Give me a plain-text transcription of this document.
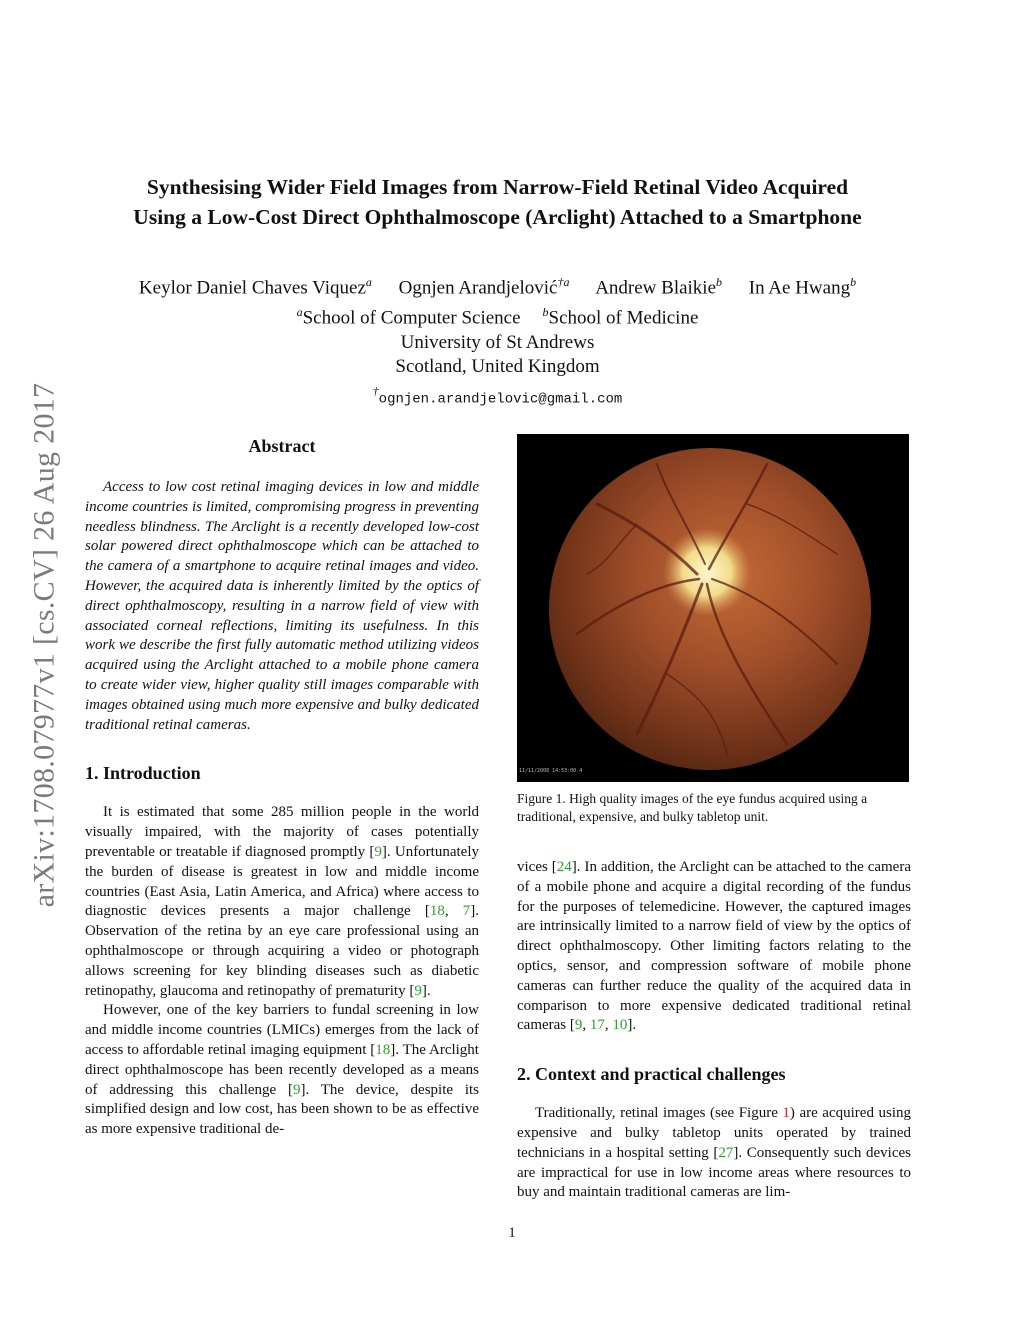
arXiv:1708.07977v1 [cs.CV] 26 Aug 2017
Synthesising Wider Field Images from Narrow-Field Retinal Video Acquired
Using a Low-Cost Direct Ophthalmoscope (Arclight) Attached to a Smartphone
Keylor Daniel Chaves Viquez$^a$ Ognjen Arandjelović$^{\dagger a}$ Andrew Blaikie$^b$ In Ae Hwang$^b$
$^a$School of Computer Science $^b$School of Medicine
University of St Andrews
Scotland, United Kingdom
†ognjen.arandjelovic@gmail.com
Abstract

Access to low cost retinal imaging devices in low and middle income countries is limited, compromising progress in preventing needless blindness. The Arclight is a recently developed low-cost solar powered direct ophthalmoscope which can be attached to the camera of a smartphone to acquire retinal images and video. However, the acquired data is inherently limited by the optics of direct ophthalmoscopy, resulting in a narrow field of view with associated corneal reflections, limiting its usefulness. In this work we describe the first fully automatic method utilizing videos acquired using the Arclight attached to a mobile phone camera to create wider view, higher quality still images comparable with images obtained using much more expensive and bulky dedicated traditional retinal cameras.

1. Introduction

It is estimated that some 285 million people in the world visually impaired, with the majority of cases potentially preventable or treatable if diagnosed promptly [9]. Unfortunately the burden of disease is greatest in low and middle income countries (East Asia, Latin America, and Africa) where access to diagnostic devices presents a major challenge [18, 7]. Observation of the retina by an eye care professional using an ophthalmoscope or through acquiring a video or photograph allows screening for key blinding diseases such as diabetic retinopathy, glaucoma and retinopathy of prematurity [9].

However, one of the key barriers to fundal screening in low and middle income countries (LMICs) emerges from the lack of access to affordable retinal imaging equipment [18]. The Arclight direct ophthalmoscope has been recently developed as a means of addressing this challenge [9]. The device, despite its simplified design and low cost, has been shown to be as effective as more expensive traditional de-

11/11/2008 14:53:00.4

Figure 1. High quality images of the eye fundus acquired using a traditional, expensive, and bulky tabletop unit.

vices [24]. In addition, the Arclight can be attached to the camera of a mobile phone and acquire a digital recording of the fundus for the purposes of telemedicine. However, the captured images are intrinsically limited to a narrow field of view by the optics of direct ophthalmoscopy. Other limiting factors relating to the optics, sensor, and compression software of mobile phone cameras can further reduce the quality of the acquired data in comparison to more expensive dedicated traditional retinal cameras [9, 17, 10].

2. Context and practical challenges

Traditionally, retinal images (see Figure 1) are acquired using expensive and bulky tabletop units operated by trained technicians in a hospital setting [27]. Consequently such devices are impractical for use in low income areas where resources to buy and maintain traditional cameras are lim-

1
